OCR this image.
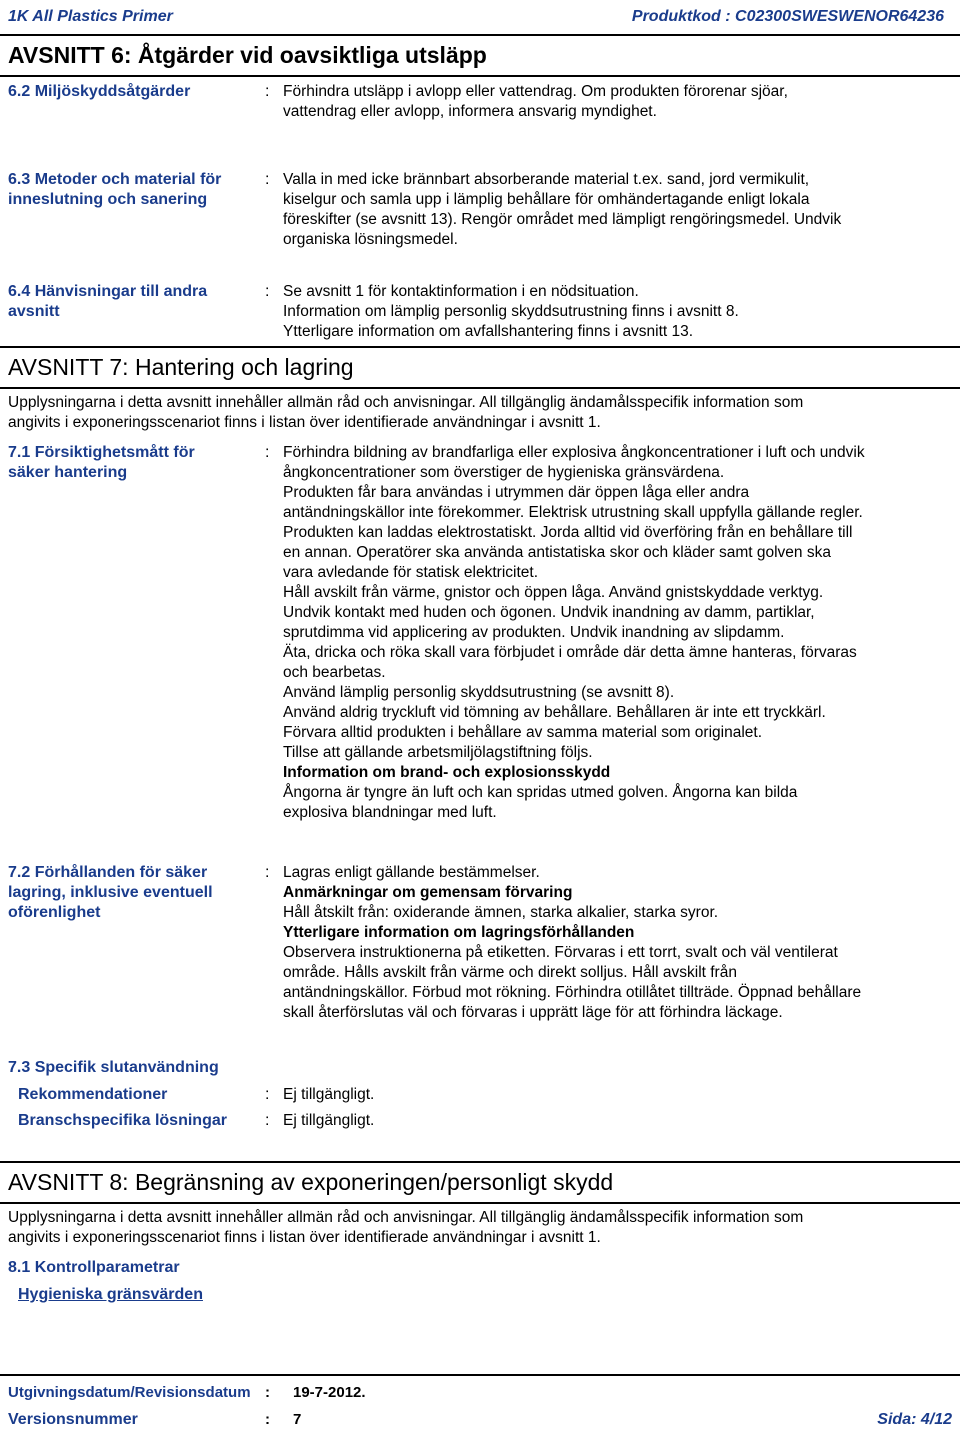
1K All Plastics Primer	Produktkod : C02300SWESWENOR64236
AVSNITT 6: Åtgärder vid oavsiktliga utsläpp
6.2 Miljöskyddsåtgärder	: Förhindra utsläpp i avlopp eller vattendrag. Om produkten förorenar sjöar,
vattendrag eller avlopp, informera ansvarig myndighet.
6.3 Metoder och material för
inneslutning och sanering
: Valla in med icke brännbart absorberande material t.ex. sand, jord vermikulit,
kiselgur och samla upp i lämplig behållare för omhändertagande enligt lokala
föreskifter (se avsnitt 13). Rengör området med lämpligt rengöringsmedel. Undvik
organiska lösningsmedel.
6.4 Hänvisningar till andra
avsnitt
: Se avsnitt 1 för kontaktinformation i en nödsituation.
Information om lämplig personlig skyddsutrustning finns i avsnitt 8.
Ytterligare information om avfallshantering finns i avsnitt 13.
AVSNITT 7: Hantering och lagring
Upplysningarna i detta avsnitt innehåller allmän råd och anvisningar. All tillgänglig ändamålsspecifik information som
angivits i exponeringsscenariot finns i listan över identifierade användningar i avsnitt 1.
7.1 Försiktighetsmått för
säker hantering
: Förhindra bildning av brandfarliga eller explosiva ångkoncentrationer i luft och undvik
ångkoncentrationer som överstiger de hygieniska gränsvärdena.
Produkten får bara användas i utrymmen där öppen låga eller andra
antändningskällor inte förekommer. Elektrisk utrustning skall uppfylla gällande regler.
Produkten kan laddas elektrostatiskt. Jorda alltid vid överföring från en behållare till
en annan. Operatörer ska använda antistatiska skor och kläder samt golven ska
vara avledande för statisk elektricitet.
Håll avskilt från värme, gnistor och öppen låga. Använd gnistskyddade verktyg.
Undvik kontakt med huden och ögonen. Undvik inandning av damm, partiklar,
sprutdimma vid applicering av produkten. Undvik inandning av slipdamm.
Äta, dricka och röka skall vara förbjudet i område där detta ämne hanteras, förvaras
och bearbetas.
Använd lämplig personlig skyddsutrustning (se avsnitt 8).
Använd aldrig tryckluft vid tömning av behållare. Behållaren är inte ett tryckkärl.
Förvara alltid produkten i behållare av samma material som originalet.
Tillse att gällande arbetsmiljölagstiftning följs.
Information om brand- och explosionsskydd
Ångorna är tyngre än luft och kan spridas utmed golven. Ångorna kan bilda
explosiva blandningar med luft.
7.2 Förhållanden för säker
lagring, inklusive eventuell
oförenlighet
: Lagras enligt gällande bestämmelser.
Anmärkningar om gemensam förvaring
Håll åtskilt från: oxiderande ämnen, starka alkalier, starka syror.
Ytterligare information om lagringsförhållanden
Observera instruktionerna på etiketten. Förvaras i ett torrt, svalt och väl ventilerat
område. Hålls avskilt från värme och direkt solljus. Håll avskilt från
antändningskällor. Förbud mot rökning. Förhindra otillåtet tillträde. Öppnad behållare
skall återförslutas väl och förvaras i upprätt läge för att förhindra läckage.
7.3 Specifik slutanvändning
Rekommendationer	: Ej tillgängligt.
Branschspecifika lösningar : Ej tillgängligt.
AVSNITT 8: Begränsning av exponeringen/personligt skydd
Upplysningarna i detta avsnitt innehåller allmän råd och anvisningar. All tillgänglig ändamålsspecifik information som
angivits i exponeringsscenariot finns i listan över identifierade användningar i avsnitt 1.
8.1 Kontrollparametrar
Hygieniska gränsvärden
Utgivningsdatum/Revisionsdatum : 19-7-2012.
Versionsnummer	: 7	Sida: 4/12
